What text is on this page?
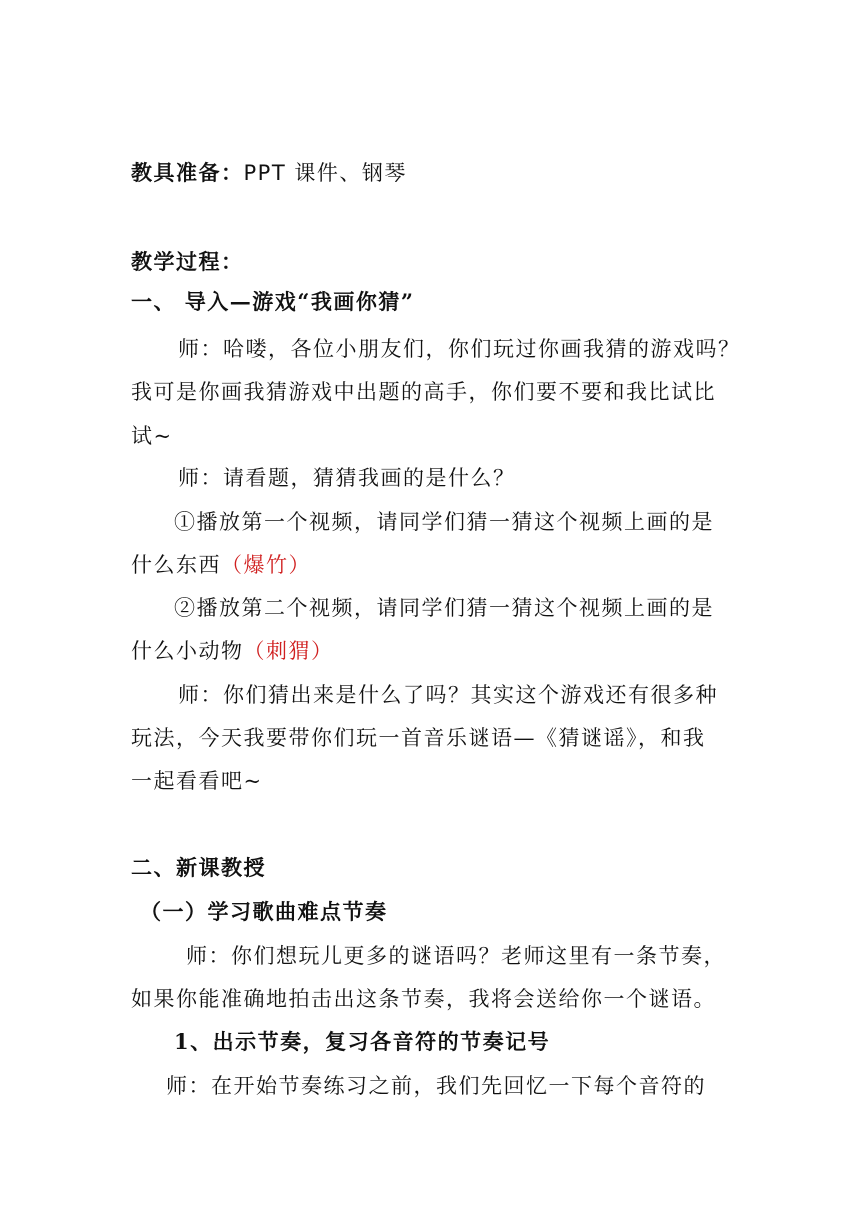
教具准备：PPT 课件、钢琴
教学过程：
一、 导入—游戏“我画你猜”
师：哈喽，各位小朋友们，你们玩过你画我猜的游戏吗？
我可是你画我猜游戏中出题的高手，你们要不要和我比试比
试~
师：请看题，猜猜我画的是什么？
①播放第一个视频，请同学们猜一猜这个视频上画的是
什么东西（爆竹）
②播放第二个视频，请同学们猜一猜这个视频上画的是
什么小动物（刺猬）
师：你们猜出来是什么了吗？其实这个游戏还有很多种
玩法，今天我要带你们玩一首音乐谜语—《猜谜谣》，和我
一起看看吧~
二、新课教授
（一）学习歌曲难点节奏
师：你们想玩儿更多的谜语吗？老师这里有一条节奏，
如果你能准确地拍击出这条节奏，我将会送给你一个谜语。
1、出示节奏，复习各音符的节奏记号
师：在开始节奏练习之前，我们先回忆一下每个音符的
